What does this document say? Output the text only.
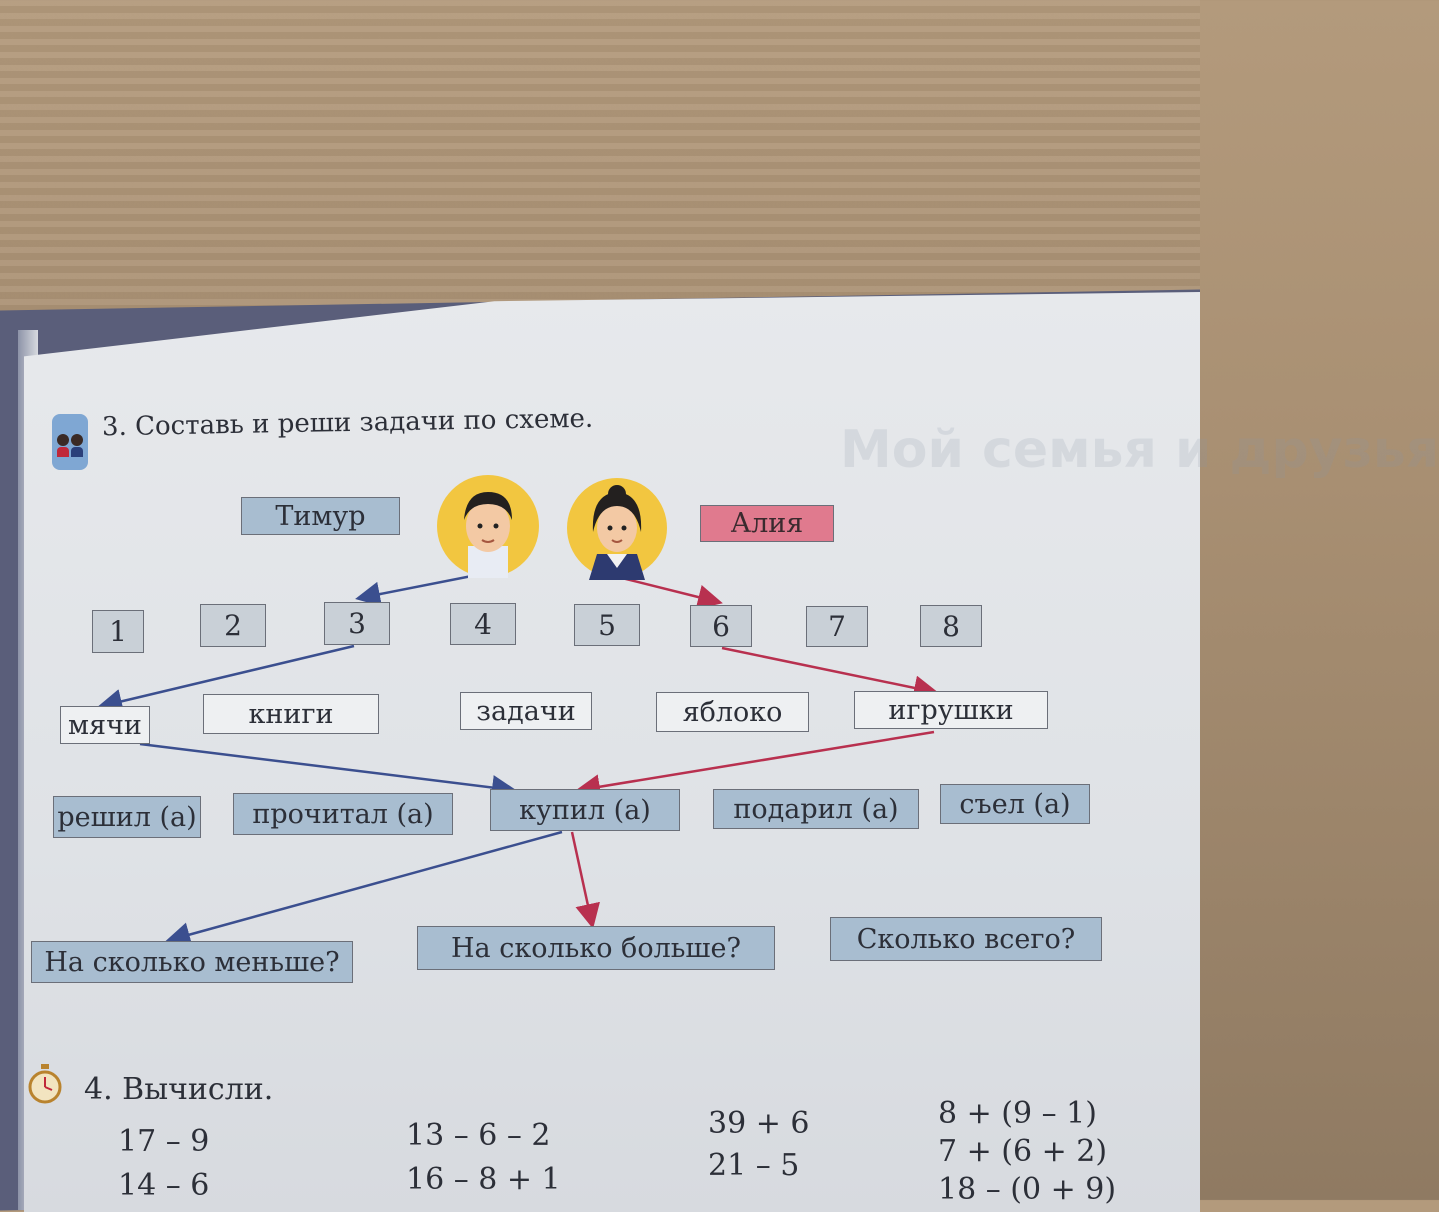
Мой семья и друзья
3. Составь и реши задачи по схеме.
Тимур	Алия
1	2	3	4	5	6	7	8
мячи	книги	задачи	яблоко	игрушки
решил (а)	прочитал (а)	купил (а)	подарил (а)	съел (а)
На сколько меньше?	На сколько больше?	Сколько всего?
4. Вычисли.
17 – 9
14 – 6
13 – 6 – 2
16 – 8 + 1
39 + 6
21 – 5
8 + (9 – 1)
7 + (6 + 2)
18 – (0 + 9)
